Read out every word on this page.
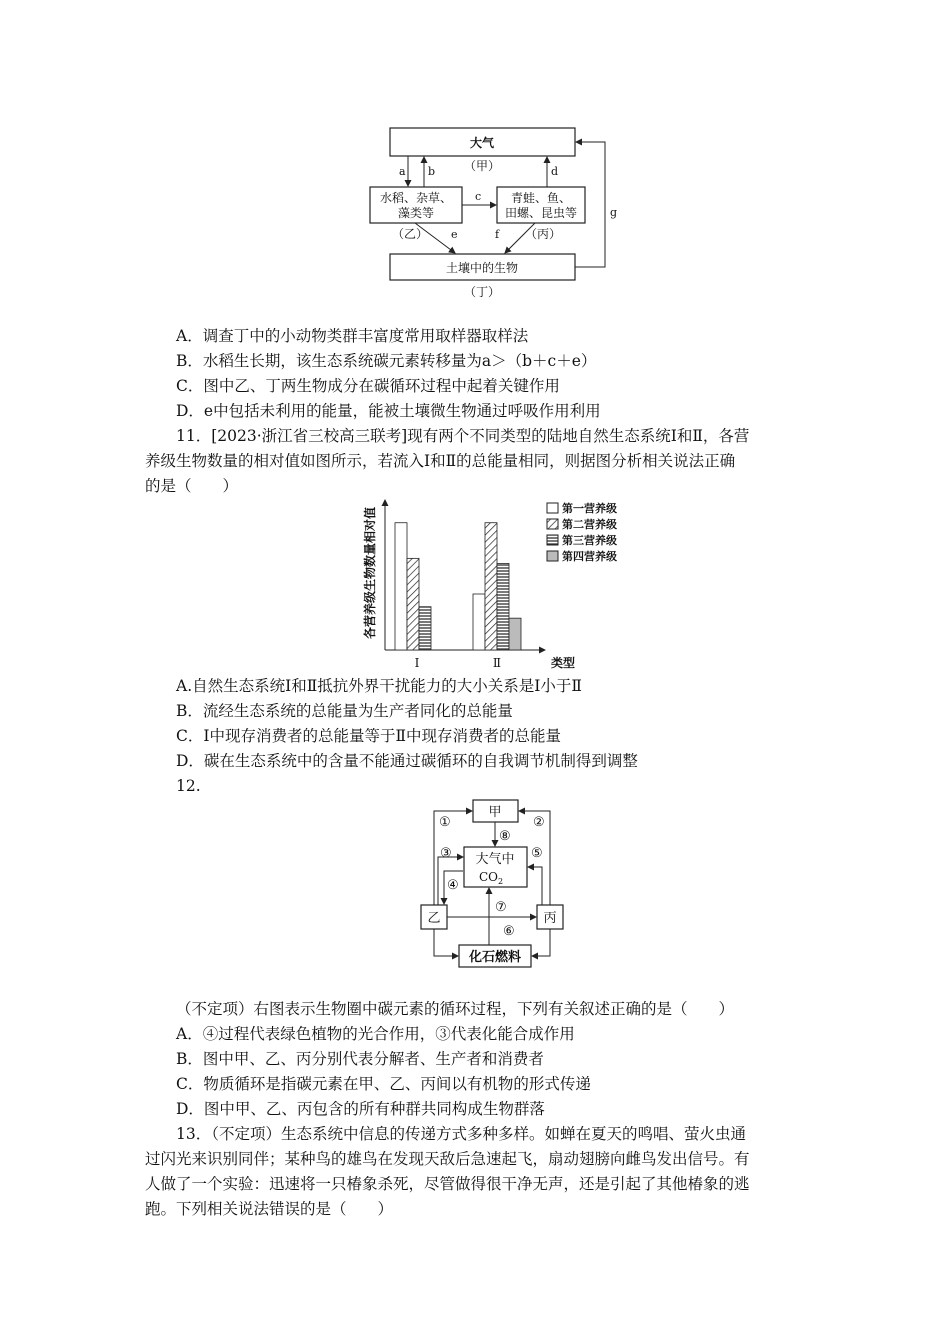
大气
（甲）
水稻、杂草、
藻类等
（乙）
青蛙、鱼、
田螺、昆虫等
（丙）
土壤中的生物
（丁）
a b
c
d
e	f
g
A．调查丁中的小动物类群丰富度常用取样器取样法
B．水稻生长期，该生态系统碳元素转移量为a＞（b＋c＋e）
C．图中乙、丁两生物成分在碳循环过程中起着关键作用
D．e中包括未利用的能量，能被土壤微生物通过呼吸作用利用
11．[2023·浙江省三校高三联考]现有两个不同类型的陆地自然生态系统Ⅰ和Ⅱ，各营
养级生物数量的相对值如图所示，若流入Ⅰ和Ⅱ的总能量相同，则据图分析相关说法正确
的是（　　）
各营养级生物数量相对值
Ⅰ	Ⅱ	类型
第一营养级
第二营养级
第三营养级
第四营养级
A.自然生态系统Ⅰ和Ⅱ抵抗外界干扰能力的大小关系是Ⅰ小于Ⅱ
B．流经生态系统的总能量为生产者同化的总能量
C．Ⅰ中现存消费者的总能量等于Ⅱ中现存消费者的总能量
D．碳在生态系统中的含量不能通过碳循环的自我调节机制得到调整
12.
甲
大气中
$CO_2$
乙	丙
化石燃料
①	②
③
④
⑤
⑥
⑦
⑧
（不定项）右图表示生物圈中碳元素的循环过程，下列有关叙述正确的是（　　）
A．④过程代表绿色植物的光合作用，③代表化能合成作用
B．图中甲、乙、丙分别代表分解者、生产者和消费者
C．物质循环是指碳元素在甲、乙、丙间以有机物的形式传递
D．图中甲、乙、丙包含的所有种群共同构成生物群落
13．（不定项）生态系统中信息的传递方式多种多样。如蝉在夏天的鸣唱、萤火虫通
过闪光来识别同伴；某种鸟的雄鸟在发现天敌后急速起飞，扇动翅膀向雌鸟发出信号。有
人做了一个实验：迅速将一只椿象杀死，尽管做得很干净无声，还是引起了其他椿象的逃
跑。下列相关说法错误的是（　　）
